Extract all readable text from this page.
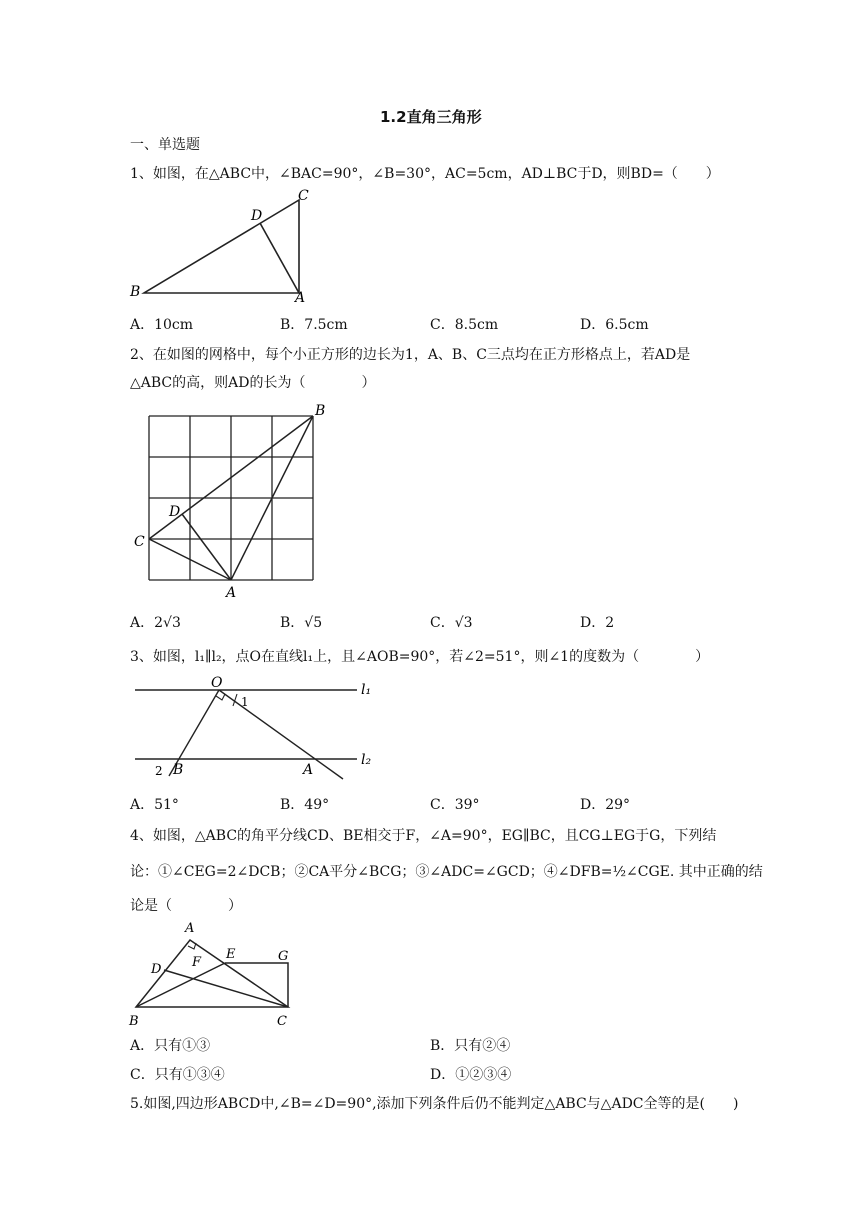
1.2直角三角形
一、单选题
1、如图，在△ABC中，∠BAC=90°，∠B=30°，AC=5cm，AD⊥BC于D，则BD=（　　）
B	A
C
D
A．10cm	B．7.5cm	C．8.5cm	D．6.5cm
2、在如图的网格中，每个小正方形的边长为1，A、B、C三点均在正方形格点上，若AD是
△ABC的高，则AD的长为（　　　　）
B
C
D
A
A．2√3	B．√5	C．√3	D．2
3、如图，l₁∥l₂，点O在直线l₁上，且∠AOB=90°，若∠2=51°，则∠1的度数为（　　　　）
O	l₁
l₂
B	A
1
2
A．51°	B．49°	C．39°	D．29°
4、如图，△ABC的角平分线CD、BE相交于F，∠A=90°，EG∥BC，且CG⊥EG于G，下列结
论：①∠CEG=2∠DCB；②CA平分∠BCG；③∠ADC=∠GCD；④∠DFB=½∠CGE. 其中正确的结
论是（　　　　）
A
D
E	G
F
B	C
A．只有①③	B．只有②④
C．只有①③④	D．①②③④
5.如图,四边形ABCD中,∠B=∠D=90°,添加下列条件后仍不能判定△ABC与△ADC全等的是(　　)
